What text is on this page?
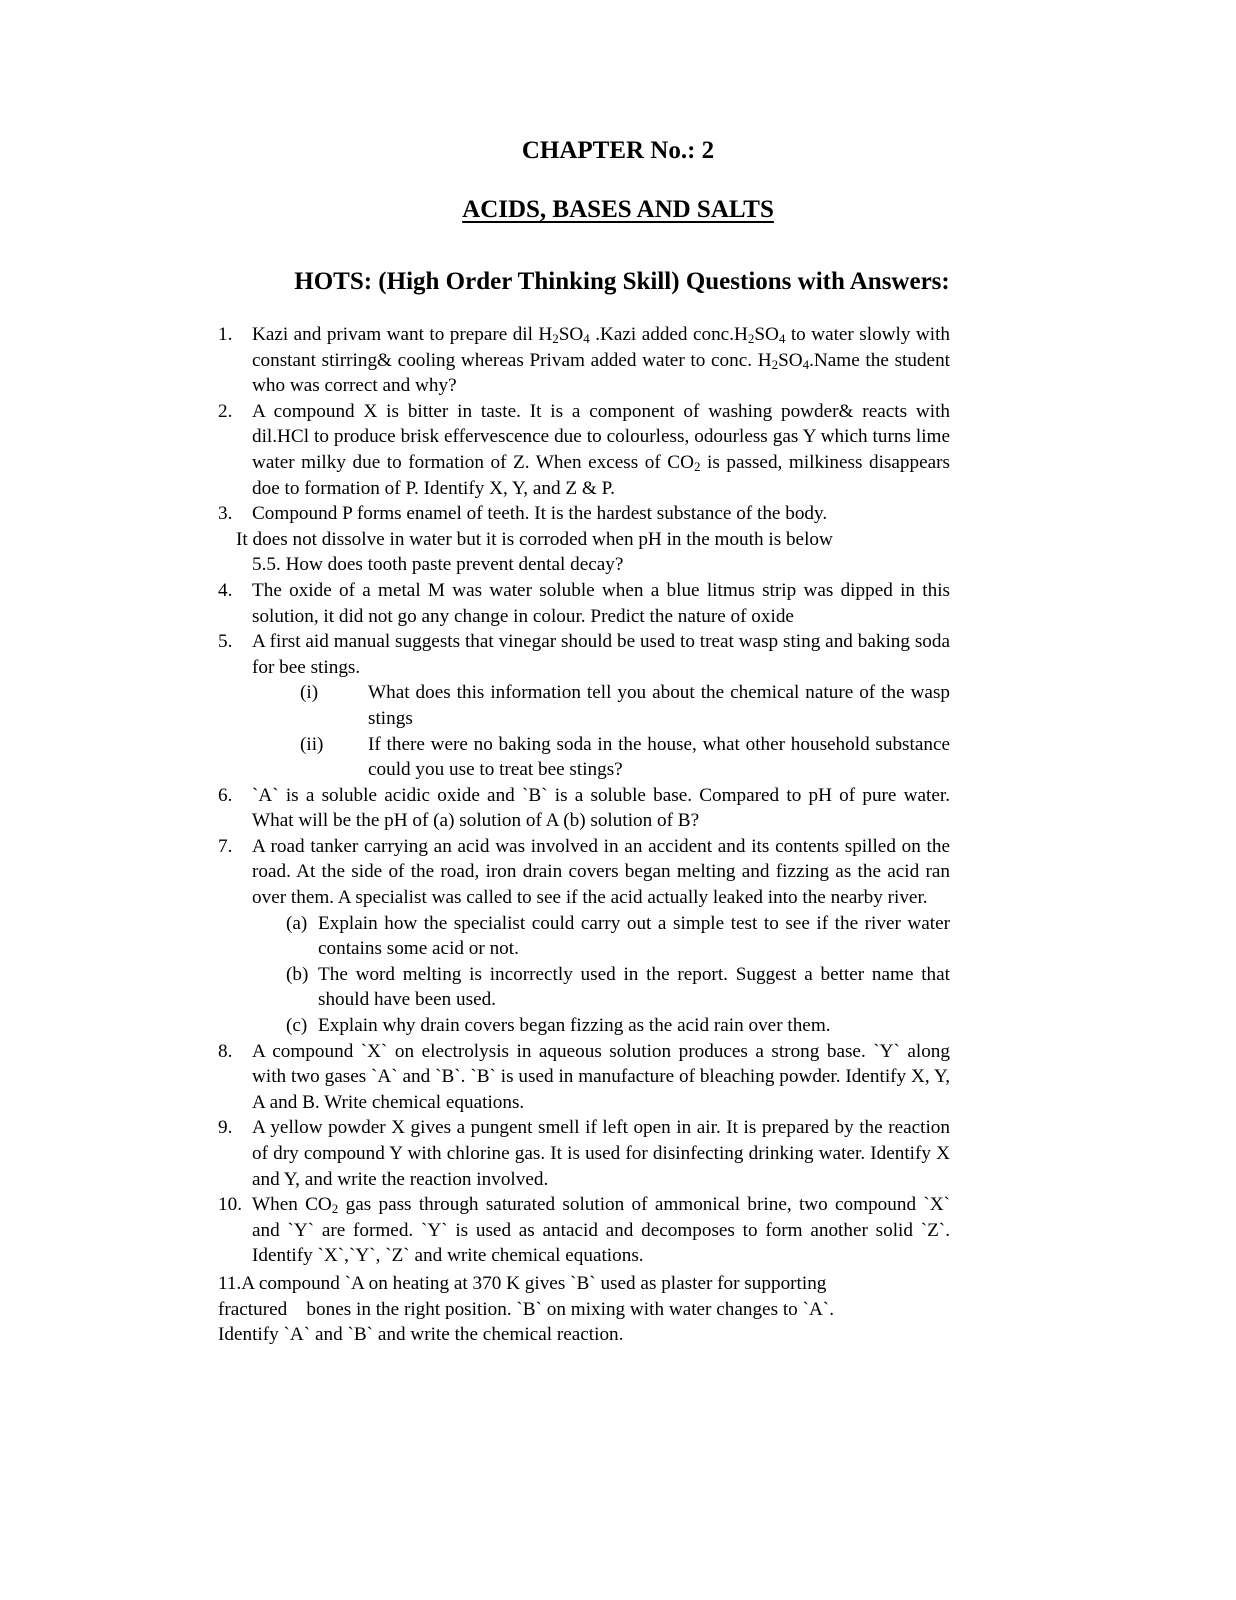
CHAPTER No.: 2
ACIDS, BASES AND SALTS
HOTS: (High Order Thinking Skill) Questions with Answers:
1. Kazi and privam want to prepare dil $H_2SO_4$ .Kazi added $conc.H_2SO_4$ to water slowly with constant stirring& cooling whereas Privam added water to conc. $H_2SO_4.Name$ the student who was correct and why?
2. A compound X is bitter in taste. It is a component of washing powder& reacts with dil.HCl to produce brisk effervescence due to colourless, odourless gas Y which turns lime water milky due to formation of Z. When excess of $CO_2$ is passed, milkiness disappears doe to formation of P. Identify X, Y, and Z & P.
3. Compound P forms enamel of teeth. It is the hardest substance of the body.

It does not dissolve in water but it is corroded when pH in the mouth is below
5.5. How does tooth paste prevent dental decay?
4. The oxide of a metal M was water soluble when a blue litmus strip was dipped in this solution, it did not go any change in colour. Predict the nature of oxide
5. A first aid manual suggests that vinegar should be used to treat wasp sting and baking soda for bee stings.
(i)	What does this information tell you about the chemical nature of the wasp stings
(ii) If there were no baking soda in the house, what other household substance could you use to treat bee stings?
6. `A` is a soluble acidic oxide and `B` is a soluble base. Compared to pH of pure water. What will be the pH of (a) solution of A (b) solution of B?
7. A road tanker carrying an acid was involved in an accident and its contents spilled on the road. At the side of the road, iron drain covers began melting and fizzing as the acid ran over them. A specialist was called to see if the acid actually leaked into the nearby river.
(a) Explain how the specialist could carry out a simple test to see if the river water contains some acid or not.
(b) The word melting is incorrectly used in the report. Suggest a better name that should have been used.
(c) Explain why drain covers began fizzing as the acid rain over them.
8. A compound `X` on electrolysis in aqueous solution produces a strong base. `Y` along with two gases `A` and `B`. `B` is used in manufacture of bleaching powder. Identify X, Y, A and B. Write chemical equations.
9. A yellow powder X gives a pungent smell if left open in air. It is prepared by the reaction of dry compound Y with chlorine gas. It is used for disinfecting drinking water. Identify X and Y, and write the reaction involved.
10. When $CO_2$ gas pass through saturated solution of ammonical brine, two compound `X` and `Y` are formed. `Y` is used as antacid and decomposes to form another solid `Z`. Identify `X`,`Y`, `Z` and write chemical equations.
11.A compound `A on heating at 370 K gives `B` used as plaster for supporting
fractured    bones in the right position. `B` on mixing with water changes to `A`.
Identify `A` and `B` and write the chemical reaction.
